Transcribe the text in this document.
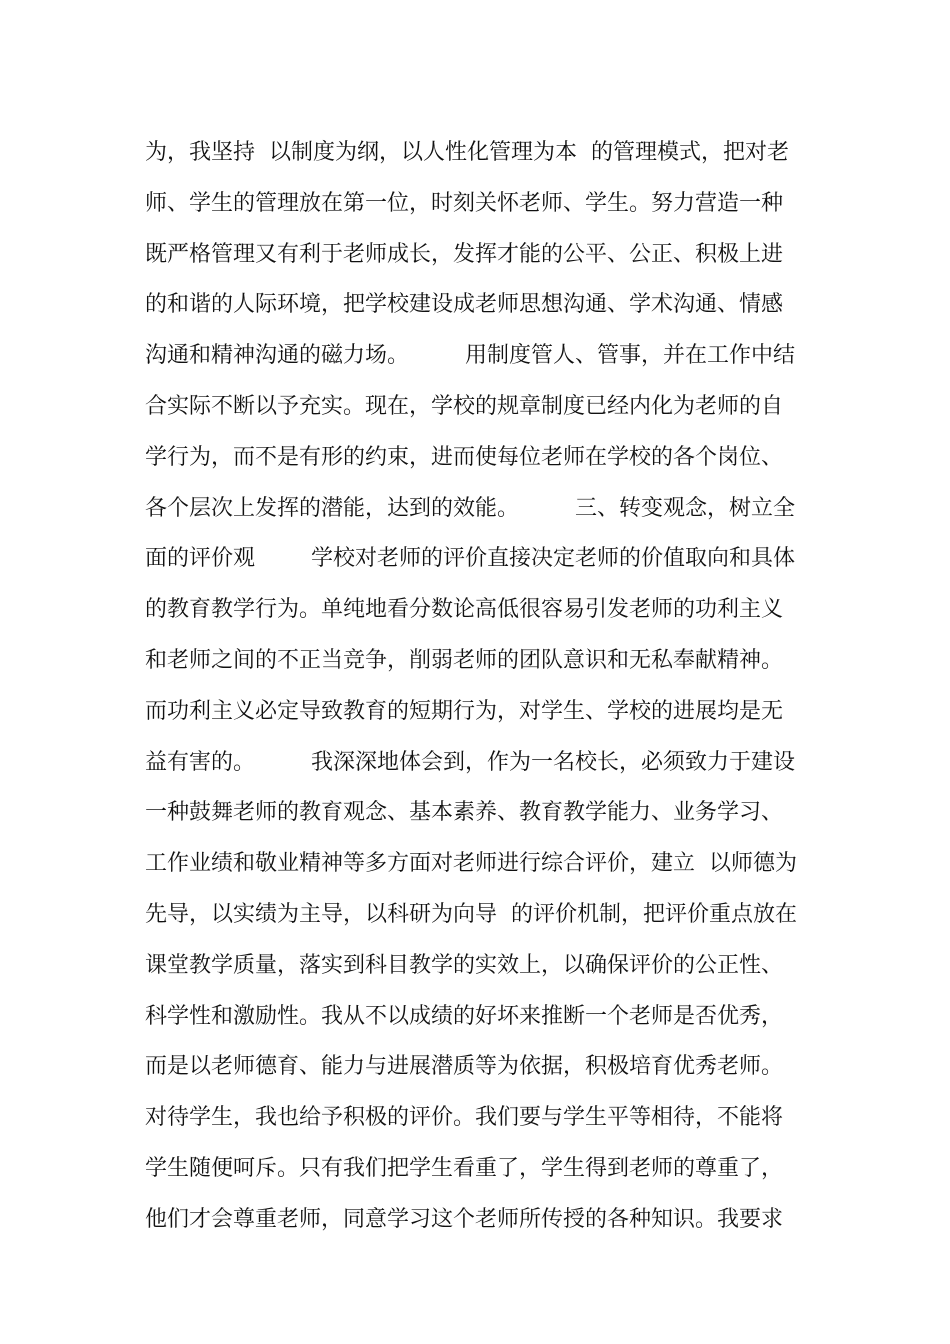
为，我坚持  以制度为纲，以人性化管理为本  的管理模式，把对老
师、学生的管理放在第一位，时刻关怀老师、学生。努力营造一种
既严格管理又有利于老师成长，发挥才能的公平、公正、积极上进
的和谐的人际环境，把学校建设成老师思想沟通、学术沟通、情感
沟通和精神沟通的磁力场。        用制度管人、管事，并在工作中结
合实际不断以予充实。现在，学校的规章制度已经内化为老师的自
学行为，而不是有形的约束，进而使每位老师在学校的各个岗位、
各个层次上发挥的潜能，达到的效能。        三、转变观念，树立全
面的评价观        学校对老师的评价直接决定老师的价值取向和具体
的教育教学行为。单纯地看分数论高低很容易引发老师的功利主义
和老师之间的不正当竞争，削弱老师的团队意识和无私奉献精神。
而功利主义必定导致教育的短期行为，对学生、学校的进展均是无
益有害的。        我深深地体会到，作为一名校长，必须致力于建设
一种鼓舞老师的教育观念、基本素养、教育教学能力、业务学习、
工作业绩和敬业精神等多方面对老师进行综合评价，建立  以师德为
先导，以实绩为主导，以科研为向导  的评价机制，把评价重点放在
课堂教学质量，落实到科目教学的实效上，以确保评价的公正性、
科学性和激励性。我从不以成绩的好坏来推断一个老师是否优秀，
而是以老师德育、能力与进展潜质等为依据，积极培育优秀老师。
对待学生，我也给予积极的评价。我们要与学生平等相待，不能将
学生随便呵斥。只有我们把学生看重了，学生得到老师的尊重了，
他们才会尊重老师，同意学习这个老师所传授的各种知识。我要求
